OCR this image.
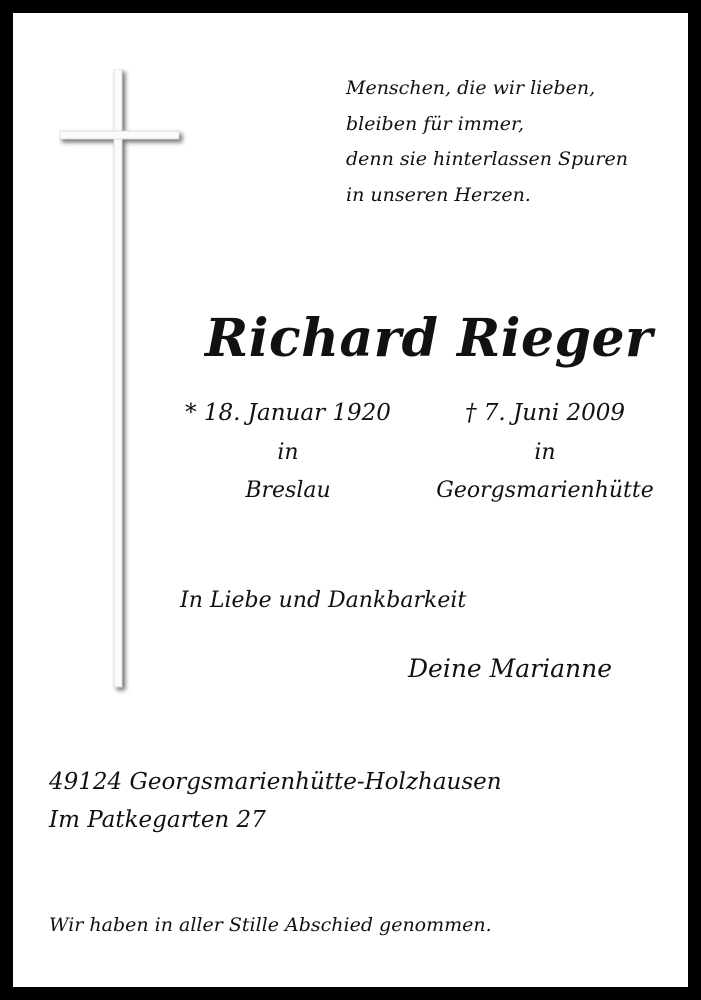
Menschen, die wir lieben,

bleiben für immer,

denn sie hinterlassen Spuren

in unseren Herzen.

Richard Rieger

* 18. Januar 1920

in

Breslau

† 7. Juni 2009

in

Georgsmarienhütte

In Liebe und Dankbarkeit

Deine Marianne

49124 Georgsmarienhütte-Holzhausen

Im Patkegarten 27

Wir haben in aller Stille Abschied genommen.
